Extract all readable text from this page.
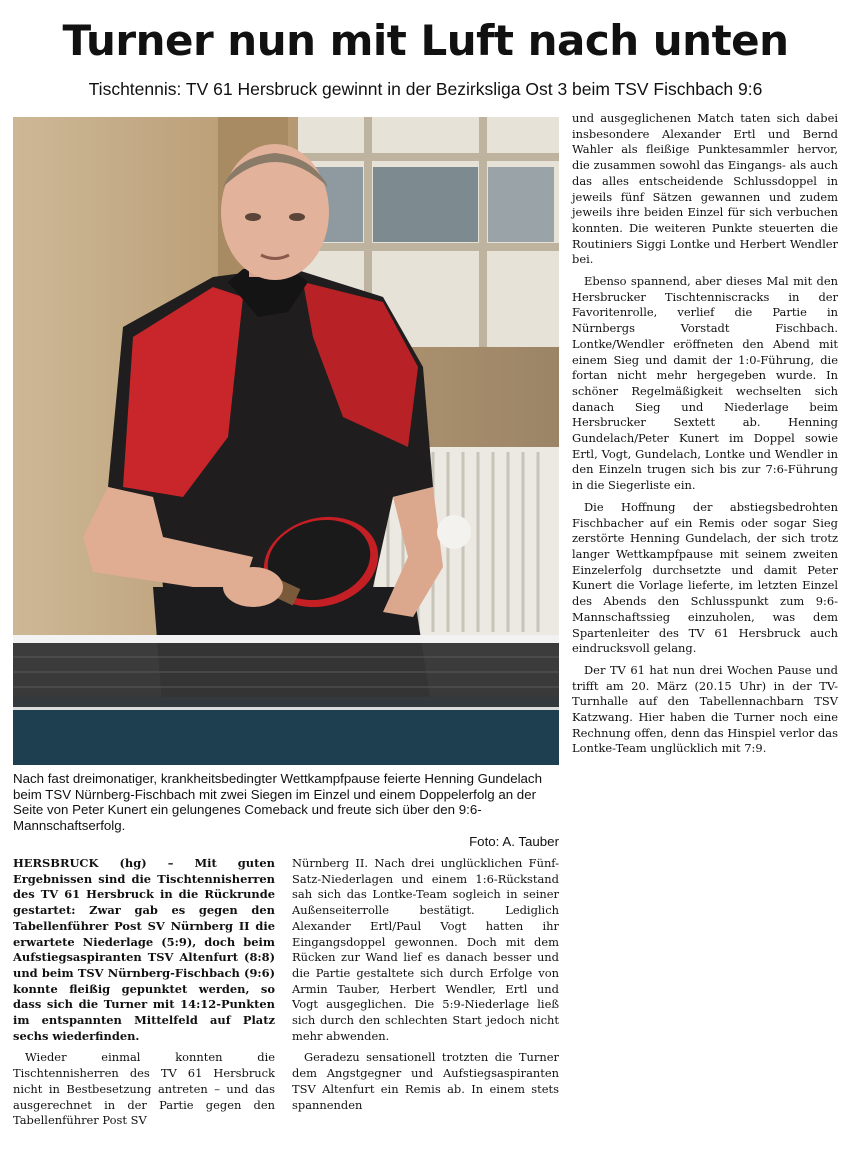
Turner nun mit Luft nach unten
Tischtennis: TV 61 Hersbruck gewinnt in der Bezirksliga Ost 3 beim TSV Fischbach 9:6
Nach fast dreimonatiger, krankheitsbedingter Wettkampfpause feierte Henning Gundelach beim TSV Nürnberg-Fischbach mit zwei Siegen im Einzel und einem Doppelerfolg an der Seite von Peter Kunert ein gelungenes Comeback und freute sich über den 9:6-Mannschaftserfolg.
Foto: A. Tauber

HERSBRUCK (hg) – Mit guten Ergebnissen sind die Tischtennisherren des TV 61 Hersbruck in die Rückrunde gestartet: Zwar gab es gegen den Tabellenführer Post SV Nürnberg II die erwartete Niederlage (5:9), doch beim Aufstiegsaspiranten TSV Altenfurt (8:8) und beim TSV Nürnberg-Fischbach (9:6) konnte fleißig gepunktet werden, so dass sich die Turner mit 14:12-Punkten im entspannten Mittelfeld auf Platz sechs wiederfinden.

Wieder einmal konnten die Tischtennisherren des TV 61 Hersbruck nicht in Bestbesetzung antreten – und das ausgerechnet in der Partie gegen den Tabellenführer Post SV

Nürnberg II. Nach drei unglücklichen Fünf-Satz-Niederlagen und einem 1:6-Rückstand sah sich das Lontke-Team sogleich in seiner Außenseiterrolle bestätigt. Lediglich Alexander Ertl/Paul Vogt hatten ihr Eingangsdoppel gewonnen. Doch mit dem Rücken zur Wand lief es danach besser und die Partie gestaltete sich durch Erfolge von Armin Tauber, Herbert Wendler, Ertl und Vogt ausgeglichen. Die 5:9-Niederlage ließ sich durch den schlechten Start jedoch nicht mehr abwenden.

Geradezu sensationell trotzten die Turner dem Angstgegner und Aufstiegsaspiranten TSV Altenfurt ein Remis ab. In einem stets spannenden

und ausgeglichenen Match taten sich dabei insbesondere Alexander Ertl und Bernd Wahler als fleißige Punktesammler hervor, die zusammen sowohl das Eingangs- als auch das alles entscheidende Schlussdoppel in jeweils fünf Sätzen gewannen und zudem jeweils ihre beiden Einzel für sich verbuchen konnten. Die weiteren Punkte steuerten die Routiniers Siggi Lontke und Herbert Wendler bei.

Ebenso spannend, aber dieses Mal mit den Hersbrucker Tischtenniscracks in der Favoritenrolle, verlief die Partie in Nürnbergs Vorstadt Fischbach. Lontke/Wendler eröffneten den Abend mit einem Sieg und damit der 1:0-Führung, die fortan nicht mehr hergegeben wurde. In schöner Regelmäßigkeit wechselten sich danach Sieg und Niederlage beim Hersbrucker Sextett ab. Henning Gundelach/Peter Kunert im Doppel sowie Ertl, Vogt, Gundelach, Lontke und Wendler in den Einzeln trugen sich bis zur 7:6-Führung in die Siegerliste ein.

Die Hoffnung der abstiegsbedrohten Fischbacher auf ein Remis oder sogar Sieg zerstörte Henning Gundelach, der sich trotz langer Wettkampfpause mit seinem zweiten Einzelerfolg durchsetzte und damit Peter Kunert die Vorlage lieferte, im letzten Einzel des Abends den Schlusspunkt zum 9:6-Mannschaftssieg einzuholen, was dem Spartenleiter des TV 61 Hersbruck auch eindrucksvoll gelang.

Der TV 61 hat nun drei Wochen Pause und trifft am 20. März (20.15 Uhr) in der TV-Turnhalle auf den Tabellennachbarn TSV Katzwang. Hier haben die Turner noch eine Rechnung offen, denn das Hinspiel verlor das Lontke-Team unglücklich mit 7:9.
